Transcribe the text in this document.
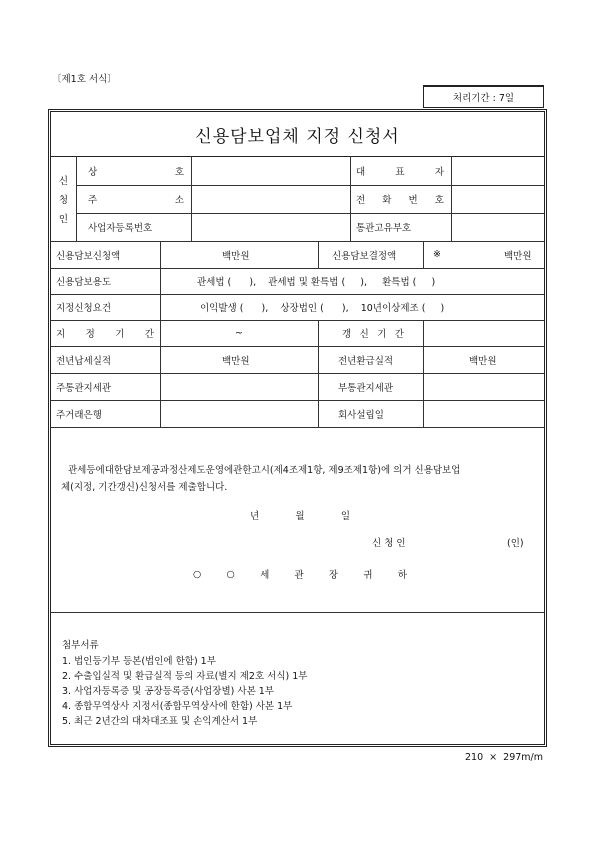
〔제1호 서식〕
처리기간 : 7일
신용담보업체 지정 신청서
신
청
인
상	호	대	표	자
주	소	전 화 번 호
사업자등록번호	통관고유부호
신용담보신청액	백만원	신용담보결정액	※	백만원
신용담보용도	관세법 (      ),    관세법 및 환특법 (     ),     환특법 (     )
지정신청요건	이익발생 (      ),    상장법인 (      ),    10년이상제조 (     )
지 정 기 간	~	갱 신 기 간
전년납세실적	백만원	전년환급실적	백만원
주통관지세관	부통관지세관
주거래은행	회사설립일
관세등에대한담보제공과정산제도운영에관한고시(제4조제1항, 제9조제1항)에 의거 신용담보업
체(지정, 기간갱신)신청서를 제출합니다.
년	월	일
신 청 인	(인)
○	○	세	관	장	귀	하
첨부서류
1. 법인등기부 등본(법인에 한함) 1부
2. 수출입실적 및 환급실적 등의 자료(별지 제2호 서식) 1부
3. 사업자등록증 및 공장등록증(사업장별) 사본 1부
4. 종합무역상사 지정서(종합무역상사에 한함) 사본 1부
5. 최근 2년간의 대차대조표 및 손익계산서 1부
210  ×  297m/m
